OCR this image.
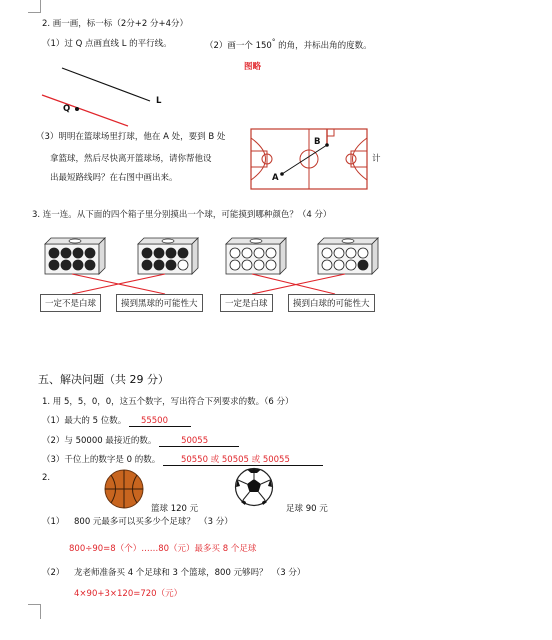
2. 画一画，标一标（2分+2 分+4分）
（1）过 Q 点画直线 L 的平行线。	（2）画一个 150° 的角，并标出角的度数。
图略
Q
L
（3）明明在篮球场里打球，他在 A 处，要到 B 处
计
拿篮球，然后尽快离开篮球场，请你帮他设
出最短路线吗？在右图中画出来。	A
B
3. 连一连。从下面的四个箱子里分别摸出一个球，可能摸到哪种颜色？（4 分）
一定不是白球	摸到黑球的可能性大	一定是白球	摸到白球的可能性大
五、解决问题（共 29 分）
1. 用 5，5，0，0，这五个数字，写出符合下列要求的数。（6 分）
（1）最大的 5 位数。 55500
（2）与 50000 最接近的数。	50055
（3）千位上的数字是 0 的数。 50550 或 50505 或 50055
2.
篮球 120 元	足球 90 元
（1） 800 元最多可以买多少个足球？　（3 分）
800÷90=8（个）……80（元）最多买 8 个足球
（2） 龙老师准备买 4 个足球和 3 个篮球，800 元够吗？　（3 分）
4×90+3×120=720（元）
